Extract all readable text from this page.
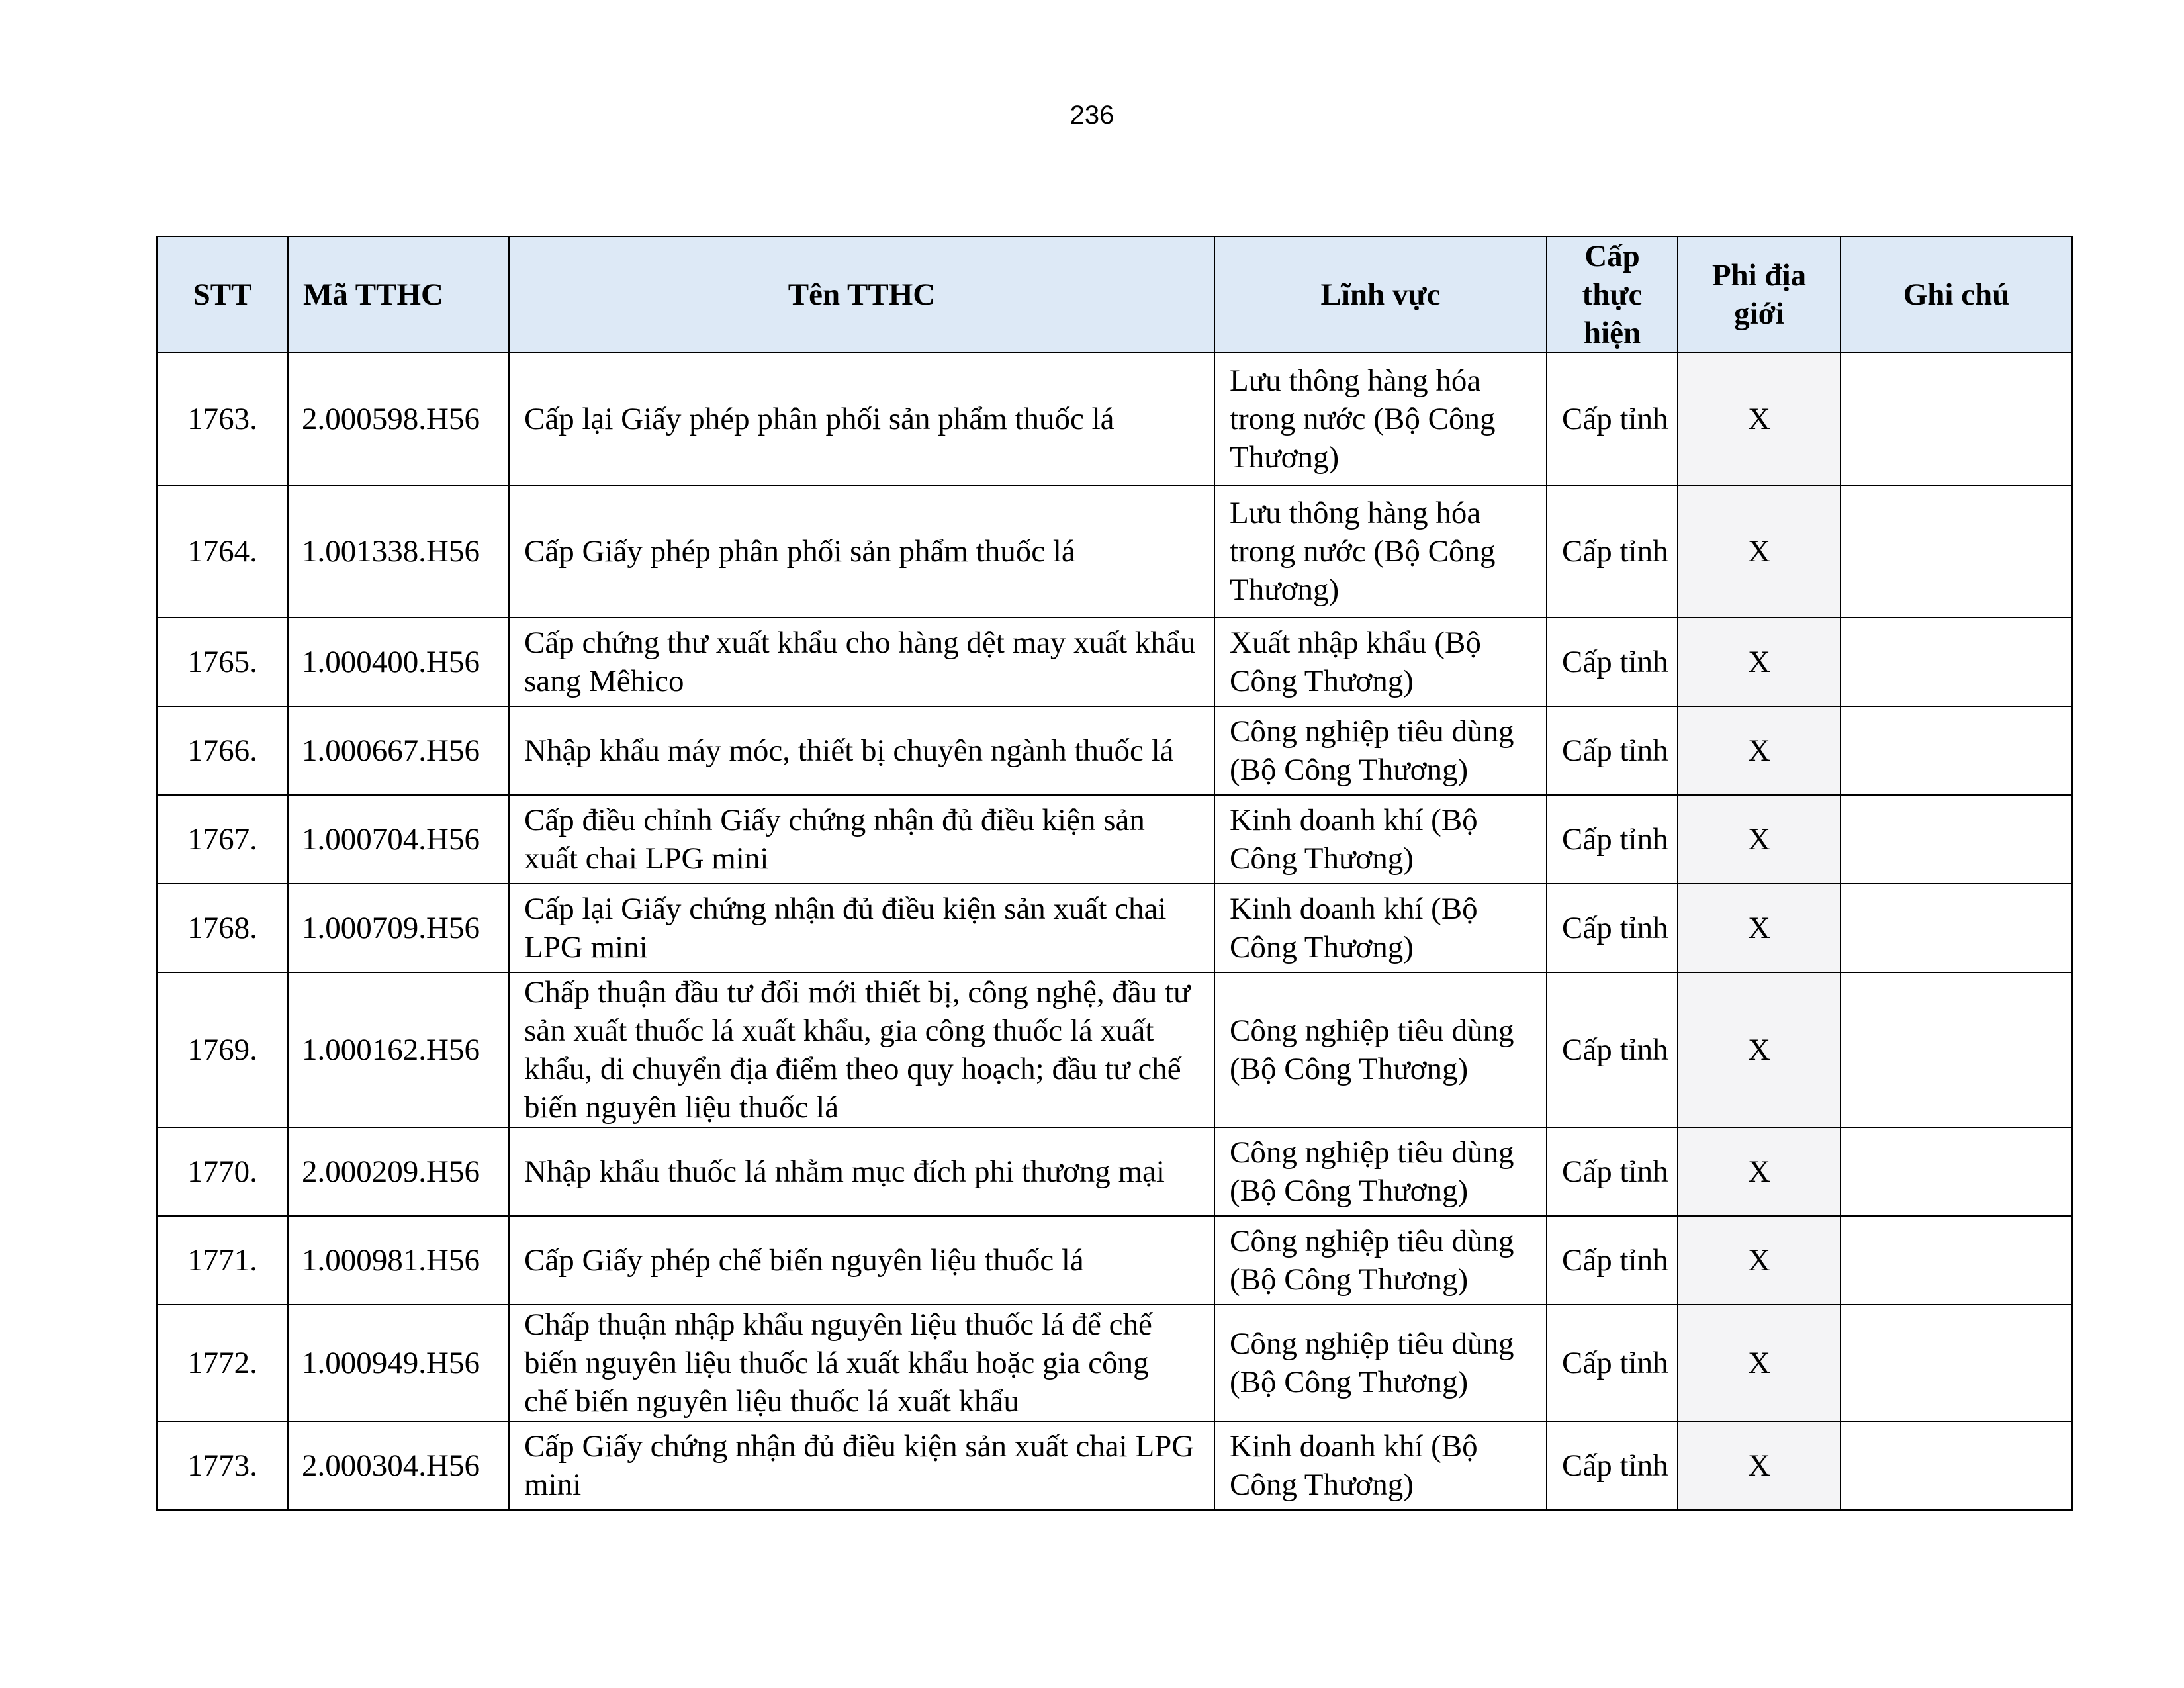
236
STT	Mã TTHC	Tên TTHC	Lĩnh vực	Cấp thực hiện	Phi địa giới	Ghi chú
1763.	2.000598.H56	Cấp lại Giấy phép phân phối sản phẩm thuốc lá	Lưu thông hàng hóa trong nước (Bộ Công Thương)	Cấp tỉnh	X	
1764.	1.001338.H56	Cấp Giấy phép phân phối sản phẩm thuốc lá	Lưu thông hàng hóa trong nước (Bộ Công Thương)	Cấp tỉnh	X	
1765.	1.000400.H56	Cấp chứng thư xuất khẩu cho hàng dệt may xuất khẩu sang Mêhico	Xuất nhập khẩu (Bộ Công Thương)	Cấp tỉnh	X	
1766.	1.000667.H56	Nhập khẩu máy móc, thiết bị chuyên ngành thuốc lá	Công nghiệp tiêu dùng (Bộ Công Thương)	Cấp tỉnh	X	
1767.	1.000704.H56	Cấp điều chỉnh Giấy chứng nhận đủ điều kiện sản xuất chai LPG mini	Kinh doanh khí (Bộ Công Thương)	Cấp tỉnh	X	
1768.	1.000709.H56	Cấp lại Giấy chứng nhận đủ điều kiện sản xuất chai LPG mini	Kinh doanh khí (Bộ Công Thương)	Cấp tỉnh	X	
1769.	1.000162.H56	Chấp thuận đầu tư đổi mới thiết bị, công nghệ, đầu tư sản xuất thuốc lá xuất khẩu, gia công thuốc lá xuất khẩu, di chuyển địa điểm theo quy hoạch; đầu tư chế biến nguyên liệu thuốc lá	Công nghiệp tiêu dùng (Bộ Công Thương)	Cấp tỉnh	X	
1770.	2.000209.H56	Nhập khẩu thuốc lá nhằm mục đích phi thương mại	Công nghiệp tiêu dùng (Bộ Công Thương)	Cấp tỉnh	X	
1771.	1.000981.H56	Cấp Giấy phép chế biến nguyên liệu thuốc lá	Công nghiệp tiêu dùng (Bộ Công Thương)	Cấp tỉnh	X	
1772.	1.000949.H56	Chấp thuận nhập khẩu nguyên liệu thuốc lá để chế biến nguyên liệu thuốc lá xuất khẩu hoặc gia công chế biến nguyên liệu thuốc lá xuất khẩu	Công nghiệp tiêu dùng (Bộ Công Thương)	Cấp tỉnh	X	
1773.	2.000304.H56	Cấp Giấy chứng nhận đủ điều kiện sản xuất chai LPG mini	Kinh doanh khí (Bộ Công Thương)	Cấp tỉnh	X	
